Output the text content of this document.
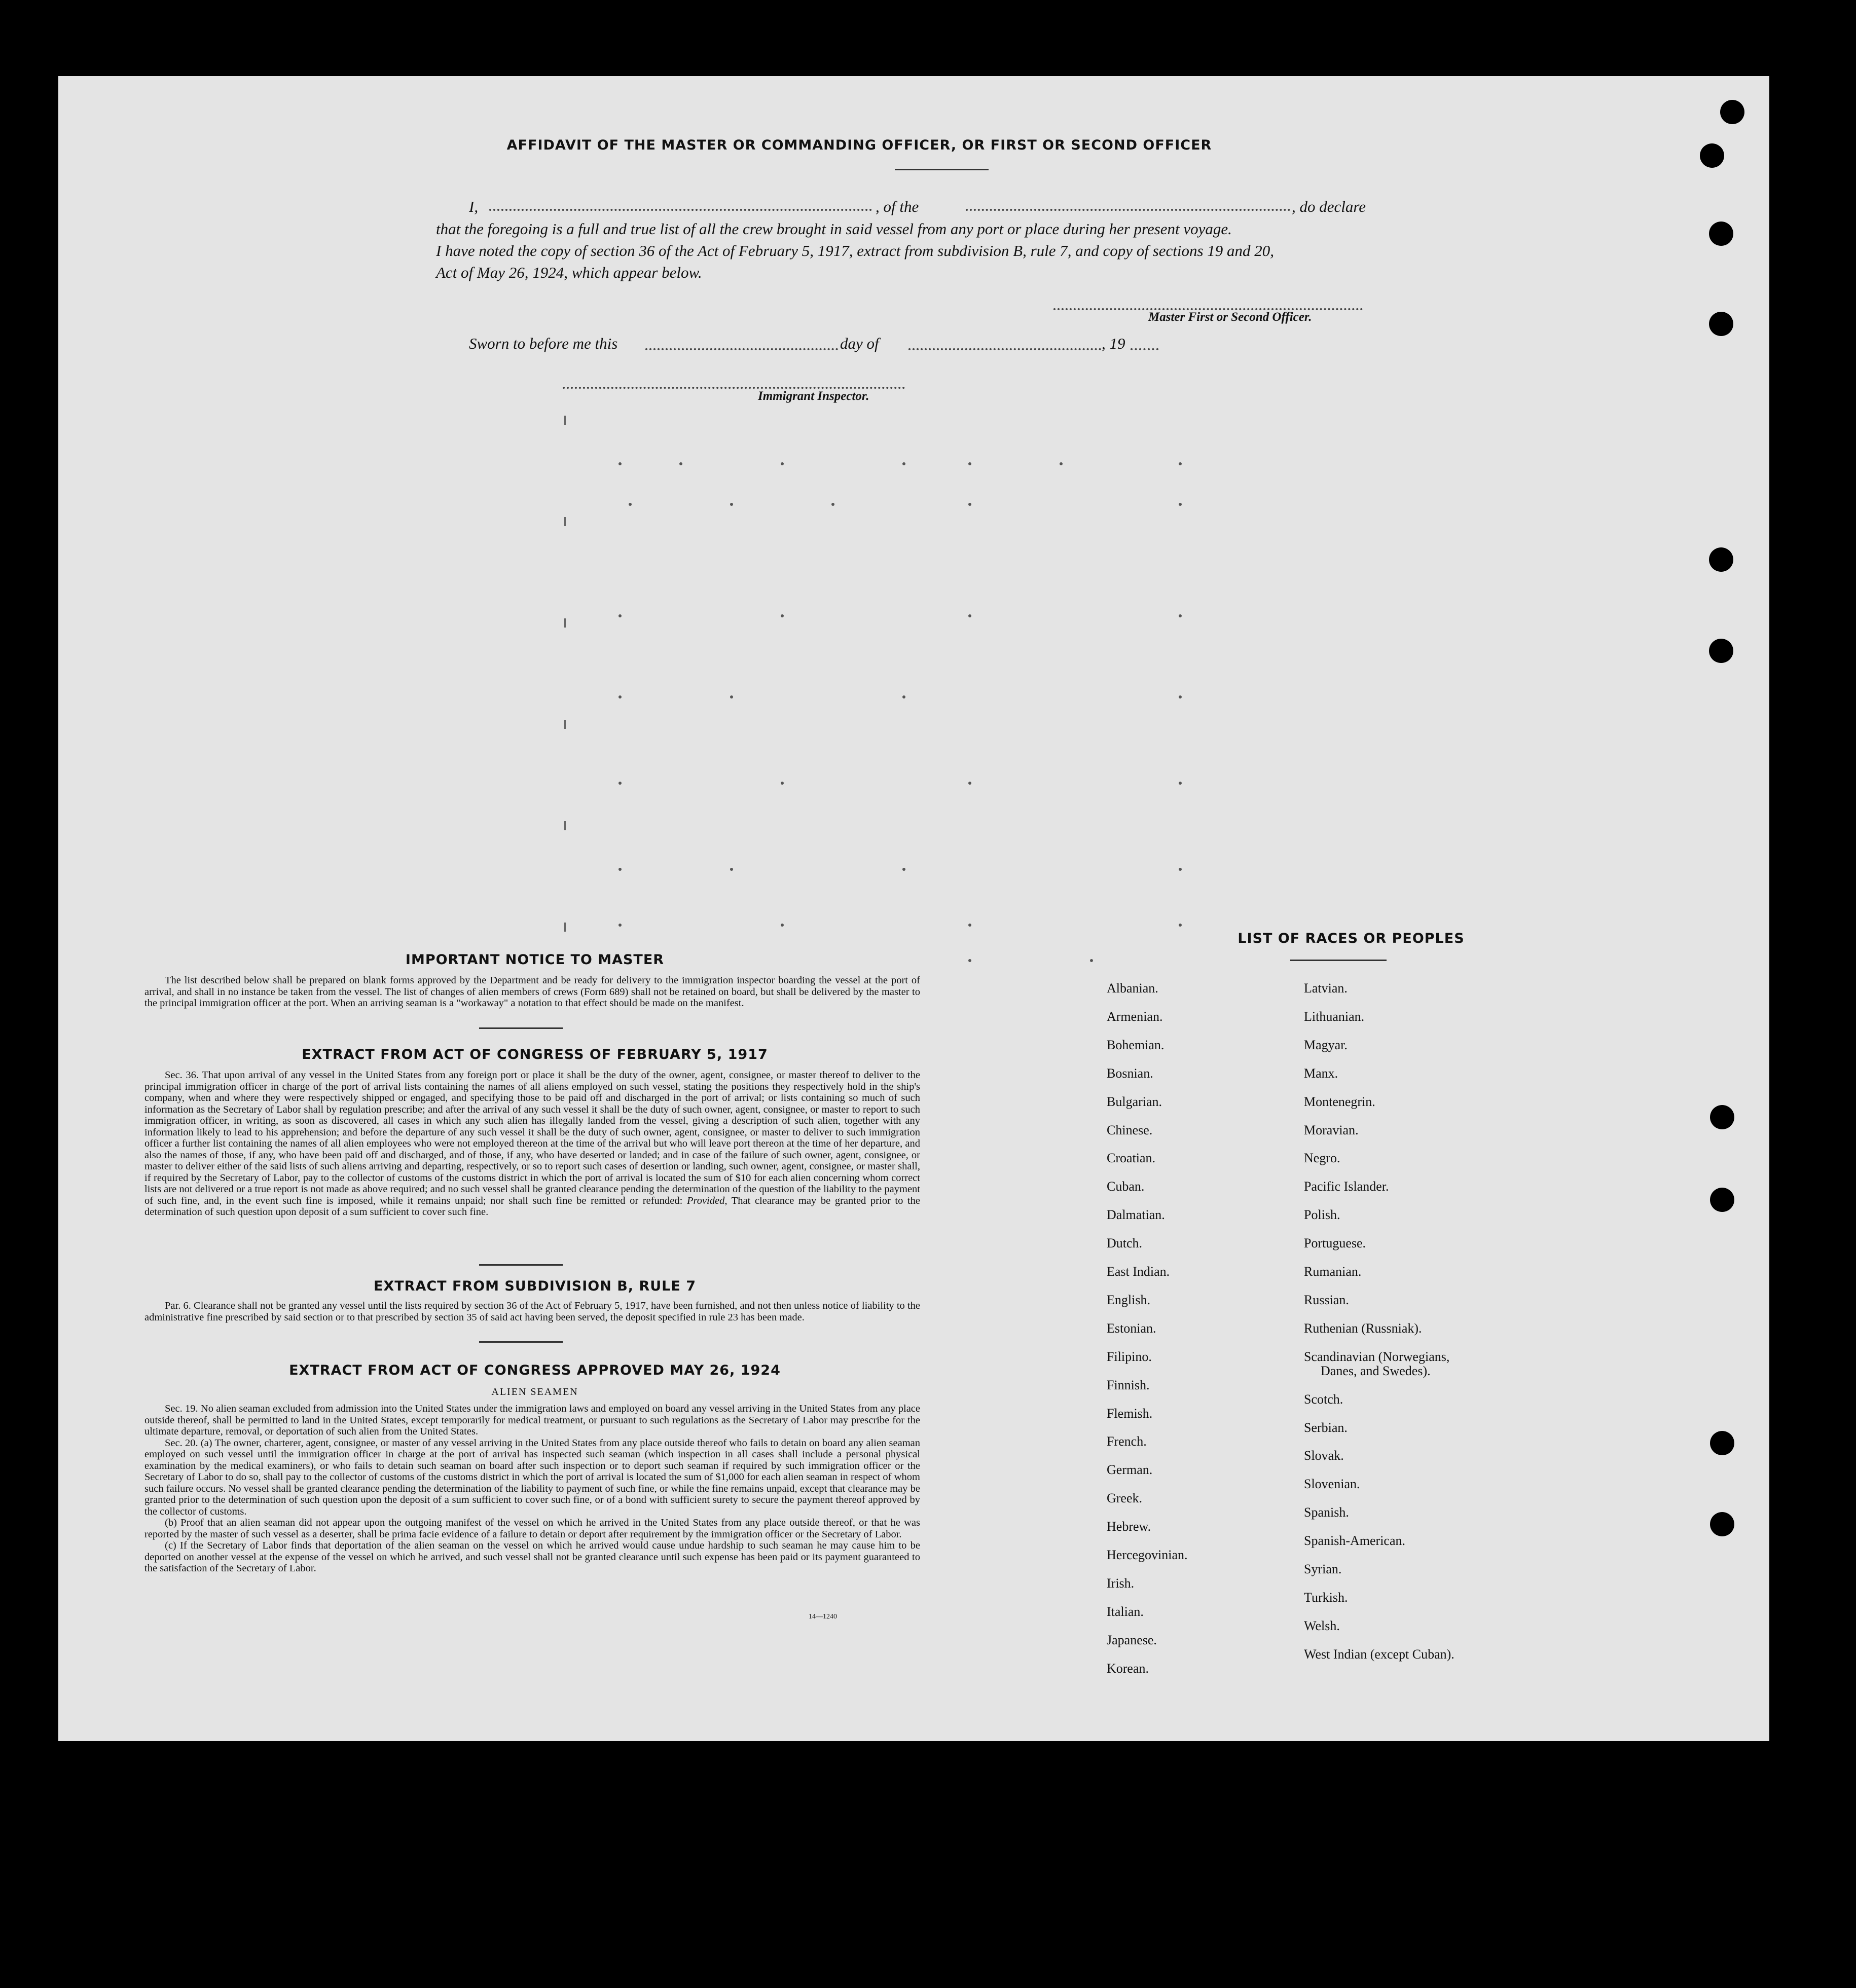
AFFIDAVIT OF THE MASTER OR COMMANDING OFFICER, OR FIRST OR SECOND OFFICER
I,	, of the	, do declare
that the foregoing is a full and true list of all the crew brought in said vessel from any port or place during her present voyage.
I have noted the copy of section 36 of the Act of February 5, 1917, extract from subdivision B, rule 7, and copy of sections 19 and 20,
Act of May 26, 1924, which appear below.
Master First or Second Officer.
Sworn to before me this	day of	, 19
Immigrant Inspector.
IMPORTANT NOTICE TO MASTER
The list described below shall be prepared on blank forms approved by the Department and be ready for delivery to the immigration inspector boarding the vessel at the port of arrival, and shall in no instance be taken from the vessel. The list of changes of alien members of crews (Form 689) shall not be retained on board, but shall be delivered by the master to the principal immigration officer at the port. When an arriving seaman is a "workaway" a notation to that effect should be made on the manifest.
EXTRACT FROM ACT OF CONGRESS OF FEBRUARY 5, 1917
Sec. 36. That upon arrival of any vessel in the United States from any foreign port or place it shall be the duty of the owner, agent, consignee, or master thereof to deliver to the principal immigration officer in charge of the port of arrival lists containing the names of all aliens employed on such vessel, stating the positions they respectively hold in the ship's company, when and where they were respectively shipped or engaged, and specifying those to be paid off and discharged in the port of arrival; or lists containing so much of such information as the Secretary of Labor shall by regulation prescribe; and after the arrival of any such vessel it shall be the duty of such owner, agent, consignee, or master to report to such immigration officer, in writing, as soon as discovered, all cases in which any such alien has illegally landed from the vessel, giving a description of such alien, together with any information likely to lead to his apprehension; and before the departure of any such vessel it shall be the duty of such owner, agent, consignee, or master to deliver to such immigration officer a further list containing the names of all alien employees who were not employed thereon at the time of the arrival but who will leave port thereon at the time of her departure, and also the names of those, if any, who have been paid off and discharged, and of those, if any, who have deserted or landed; and in case of the failure of such owner, agent, consignee, or master to deliver either of the said lists of such aliens arriving and departing, respectively, or so to report such cases of desertion or landing, such owner, agent, consignee, or master shall, if required by the Secretary of Labor, pay to the collector of customs of the customs district in which the port of arrival is located the sum of $10 for each alien concerning whom correct lists are not delivered or a true report is not made as above required; and no such vessel shall be granted clearance pending the determination of the question of the liability to the payment of such fine, and, in the event such fine is imposed, while it remains unpaid; nor shall such fine be remitted or refunded: Provided, That clearance may be granted prior to the determination of such question upon deposit of a sum sufficient to cover such fine.
EXTRACT FROM SUBDIVISION B, RULE 7
Par. 6. Clearance shall not be granted any vessel until the lists required by section 36 of the Act of February 5, 1917, have been furnished, and not then unless notice of liability to the administrative fine prescribed by said section or to that prescribed by section 35 of said act having been served, the deposit specified in rule 23 has been made.
EXTRACT FROM ACT OF CONGRESS APPROVED MAY 26, 1924
ALIEN SEAMEN

Sec. 19. No alien seaman excluded from admission into the United States under the immigration laws and employed on board any vessel arriving in the United States from any place outside thereof, shall be permitted to land in the United States, except temporarily for medical treatment, or pursuant to such regulations as the Secretary of Labor may prescribe for the ultimate departure, removal, or deportation of such alien from the United States.

Sec. 20. (a) The owner, charterer, agent, consignee, or master of any vessel arriving in the United States from any place outside thereof who fails to detain on board any alien seaman employed on such vessel until the immigration officer in charge at the port of arrival has inspected such seaman (which inspection in all cases shall include a personal physical examination by the medical examiners), or who fails to detain such seaman on board after such inspection or to deport such seaman if required by such immigration officer or the Secretary of Labor to do so, shall pay to the collector of customs of the customs district in which the port of arrival is located the sum of $1,000 for each alien seaman in respect of whom such failure occurs. No vessel shall be granted clearance pending the determination of the liability to payment of such fine, or while the fine remains unpaid, except that clearance may be granted prior to the determination of such question upon the deposit of a sum sufficient to cover such fine, or of a bond with sufficient surety to secure the payment thereof approved by the collector of customs.

(b) Proof that an alien seaman did not appear upon the outgoing manifest of the vessel on which he arrived in the United States from any place outside thereof, or that he was reported by the master of such vessel as a deserter, shall be prima facie evidence of a failure to detain or deport after requirement by the immigration officer or the Secretary of Labor.

(c) If the Secretary of Labor finds that deportation of the alien seaman on the vessel on which he arrived would cause undue hardship to such seaman he may cause him to be deported on another vessel at the expense of the vessel on which he arrived, and such vessel shall not be granted clearance until such expense has been paid or its payment guaranteed to the satisfaction of the Secretary of Labor.

14—1240
LIST OF RACES OR PEOPLES
Albanian.
Armenian.
Bohemian.
Bosnian.
Bulgarian.
Chinese.
Croatian.
Cuban.
Dalmatian.
Dutch.
East Indian.
English.
Estonian.
Filipino.
Finnish.
Flemish.
French.
German.
Greek.
Hebrew.
Hercegovinian.
Irish.
Italian.
Japanese.
Korean.
Latvian.
Lithuanian.
Magyar.
Manx.
Montenegrin.
Moravian.
Negro.
Pacific Islander.
Polish.
Portuguese.
Rumanian.
Russian.
Ruthenian (Russniak).
Scandinavian (Norwegians,
Danes, and Swedes).
Scotch.
Serbian.
Slovak.
Slovenian.
Spanish.
Spanish-American.
Syrian.
Turkish.
Welsh.
West Indian (except Cuban).
